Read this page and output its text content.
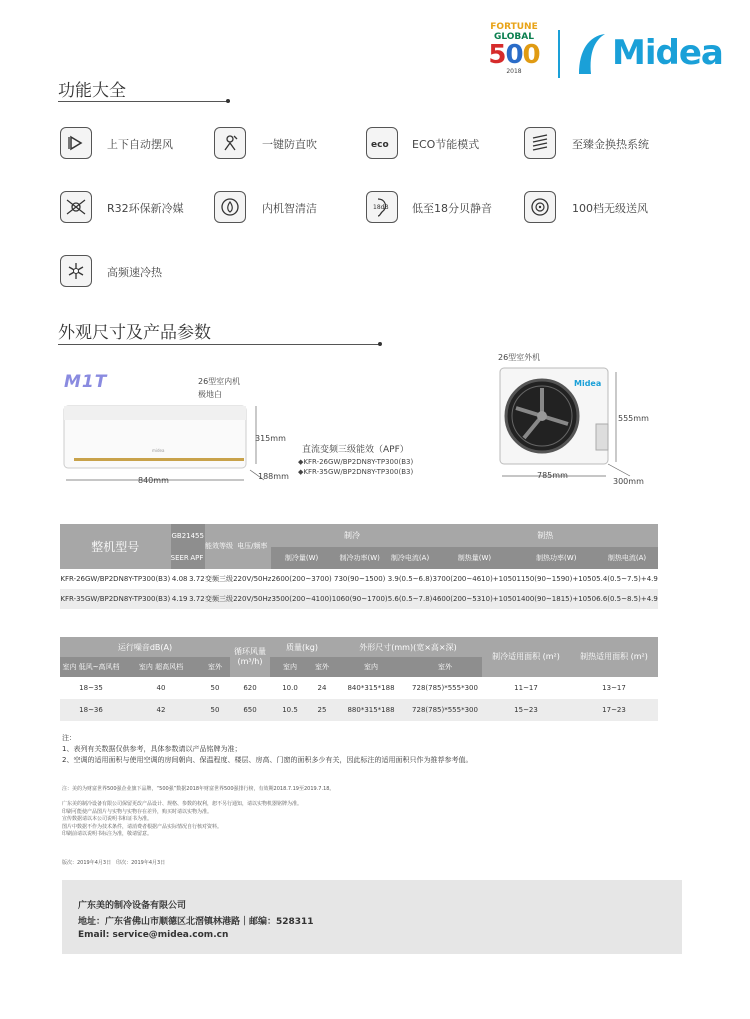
FORTUNE
GLOBAL
500
2018	Midea
功能大全
上下自动摆风	一键防直吹	eco ECO节能模式	至臻金换热系统
R32环保新冷媒	内机智清洁	18dB 低至18分贝静音	100档无级送风
高频速冷热
外观尺寸及产品参数
M1T	26型室内机
极地白
midea
315mm
840mm	188mm
直流变频三级能效（APF）
◆KFR-26GW/BP2DN8Y-TP300(B3)
◆KFR-35GW/BP2DN8Y-TP300(B3)
26型室外机
Midea
555mm
785mm
300mm
整机型号	GB21455		能效等级	电压/频率	制冷			制热		
	SEER	APF			制冷量(W)	制冷功率(W)	制冷电流(A)	制热量(W)	制热功率(W)	制热电流(A)
KFR-26GW/BP2DN8Y-TP300(B3)	4.08	3.72	变频三级	220V/50Hz	2600(200~3700)	730(90~1500)	3.9(0.5~6.8)	3700(200~4610)+1050	1150(90~1590)+1050	5.4(0.5~7.5)+4.9
KFR-35GW/BP2DN8Y-TP300(B3)	4.19	3.72	变频三级	220V/50Hz	3500(200~4100)	1060(90~1700)	5.6(0.5~7.8)	4600(200~5310)+1050	1400(90~1815)+1050	6.6(0.5~8.5)+4.9
运行噪音dB(A)			循环风量 (m³/h)	质量(kg)		外形尺寸(mm)(宽×高×深)		制冷适用面积 (m²)	制热适用面积 (m²)
室内 低风~高风档	室内 超高风档	室外		室内	室外	室内	室外		
18~35	40	50	620	10.0	24	840*315*188	728(785)*555*300	11~17	13~17
18~36	42	50	650	10.5	25	880*315*188	728(785)*555*300	15~23	17~23
注：
1、表列有关数据仅供参考，具体参数请以产品铭牌为准；
2、空调的适用面积与使用空调的房间朝向、保温程度、楼层、房高、门窗的面积多少有关，因此标注的适用面积只作为推荐参考值。
注：美的为财富世界500强企业旗下品牌，“500强”数据2018年财富世界500强排行榜，有效期2018.7.19至2019.7.18。
广东美的制冷设备有限公司保留更改产品设计、规格、参数的权利，恕不另行通知，请以实物机器铭牌为准。
印刷可能使产品图片与实物与实物存在差异，购买时请以实物为准。
宣传数据请以本公司说明书和证书为准。
图片中数据不作为技术条件，请消费者根据产品实际情况自行核对资料。
印刷前请以说明书标注为准，敬请留意。
版次：2019年4月3日　印次：2019年4月3日
广东美的制冷设备有限公司
地址：广东省佛山市顺德区北滘镇林港路｜邮编：528311
Email: service@midea.com.cn
